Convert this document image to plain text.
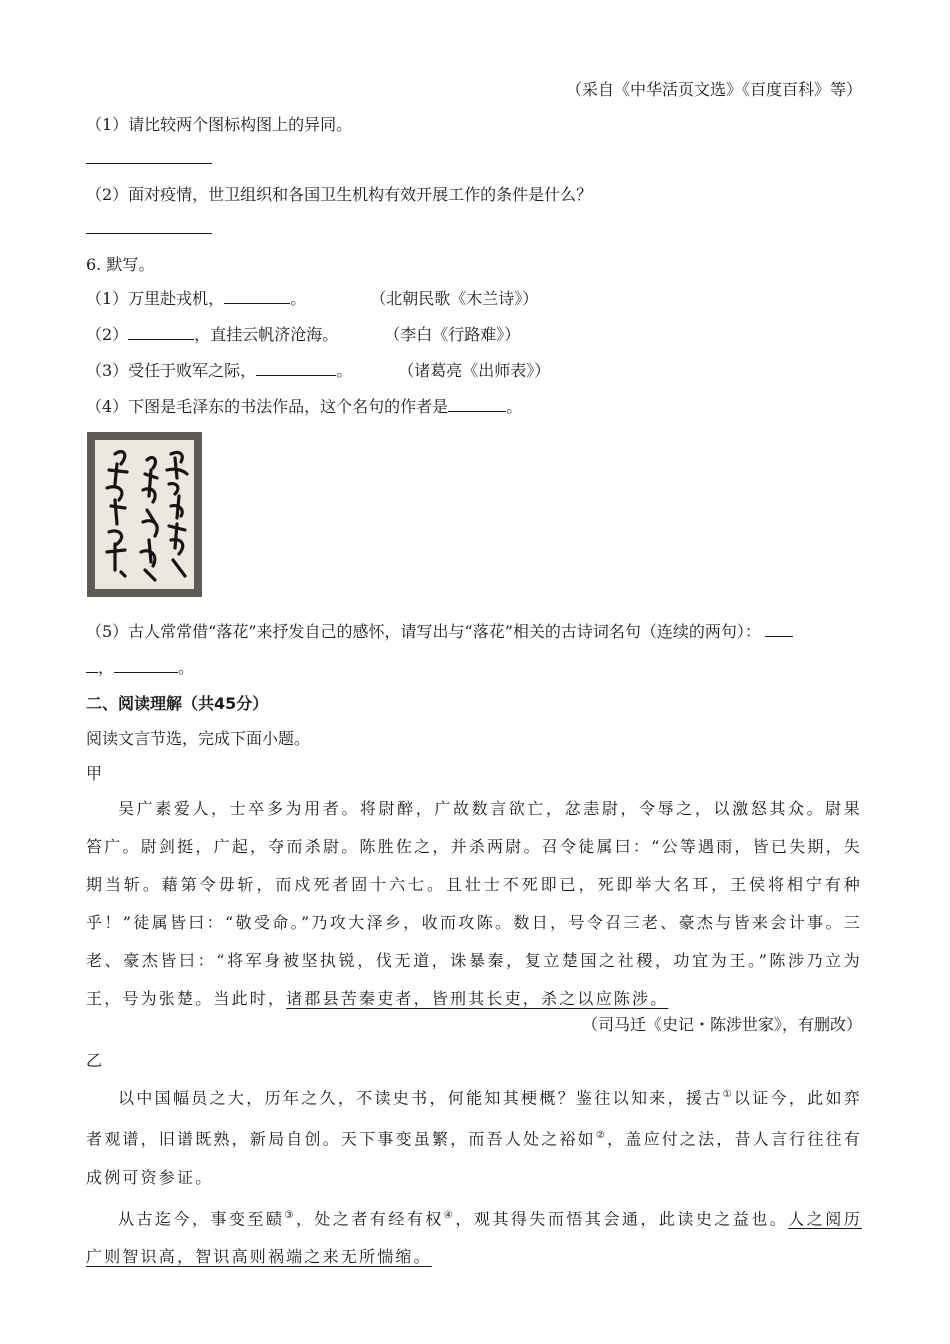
（采自《中华活页文选》《百度百科》等）
（1）请比较两个图标构图上的异同。
（2）面对疫情，世卫组织和各国卫生机构有效开展工作的条件是什么？
6. 默写。
（1）万里赴戎机，	。	（北朝民歌《木兰诗》）
（2）	，直挂云帆济沧海。	（李白《行路难》）
（3）受任于败军之际，	。	（诸葛亮《出师表》）
（4）下图是毛泽东的书法作品，这个名句的作者是	。
（5）古人常常借“落花”来抒发自己的感怀，请写出与“落花”相关的古诗词名句（连续的两句）：
，	。
二、阅读理解（共45分）
阅读文言节选，完成下面小题。
甲

吴广素爱人，士卒多为用者。将尉醉，广故数言欲亡，忿恚尉，令辱之，以激怒其众。尉果笞广。尉剑挺，广起，夺而杀尉。陈胜佐之，并杀两尉。召令徒属曰：“公等遇雨，皆已失期，失期当斩。藉第令毋斩，而戍死者固十六七。且壮士不死即已，死即举大名耳，王侯将相宁有种乎！”徒属皆曰：“敬受命。”乃攻大泽乡，收而攻陈。数日，号令召三老、豪杰与皆来会计事。三老、豪杰皆曰：“将军身被坚执锐，伐无道，诛暴秦，复立楚国之社稷，功宜为王。”陈涉乃立为王，号为张楚。当此时，诸郡县苦秦吏者，皆刑其长吏，杀之以应陈涉。

（司马迁《史记・陈涉世家》，有删改）
乙

以中国幅员之大，历年之久，不读史书，何能知其梗概？鉴往以知来，援古①以证今，此如弈者观谱，旧谱既熟，新局自创。天下事变虽繁，而吾人处之裕如②，盖应付之法，昔人言行往往有成例可资参证。

从古迄今，事变至赜③，处之者有经有权④，观其得失而悟其会通，此读史之益也。人之阅历广则智识高，智识高则祸端之来无所惴缩。
